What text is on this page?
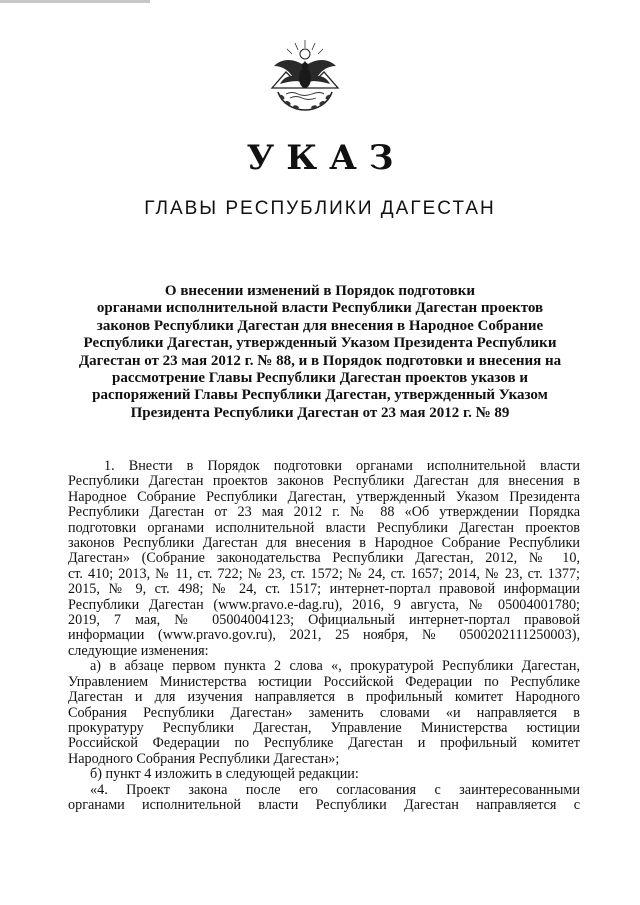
УКАЗ
ГЛАВЫ РЕСПУБЛИКИ ДАГЕСТАН
О внесении изменений в Порядок подготовки
органами исполнительной власти Республики Дагестан проектов
законов Республики Дагестан для внесения в Народное Собрание
Республики Дагестан, утвержденный Указом Президента Республики
Дагестан от 23 мая 2012 г. № 88, и в Порядок подготовки и внесения на
рассмотрение Главы Республики Дагестан проектов указов и
распоряжений Главы Республики Дагестан, утвержденный Указом
Президента Республики Дагестан от 23 мая 2012 г. № 89
1. Внести в Порядок подготовки органами исполнительной власти
Республики Дагестан проектов законов Республики Дагестан для внесения в
Народное Собрание Республики Дагестан, утвержденный Указом Президента
Республики Дагестан от 23 мая 2012 г. № 88 «Об утверждении Порядка
подготовки органами исполнительной власти Республики Дагестан проектов
законов Республики Дагестан для внесения в Народное Собрание Республики
Дагестан» (Собрание законодательства Республики Дагестан, 2012, № 10,
ст. 410; 2013, № 11, ст. 722; № 23, ст. 1572; № 24, ст. 1657; 2014, № 23, ст. 1377;
2015, № 9, ст. 498; № 24, ст. 1517; интернет-портал правовой информации
Республики Дагестан (www.pravo.e-dag.ru), 2016, 9 августа, № 05004001780;
2019, 7 мая, № 05004004123; Официальный интернет-портал правовой
информации (www.pravo.gov.ru), 2021, 25 ноября, № 0500202111250003),
следующие изменения:
а) в абзаце первом пункта 2 слова «, прокуратурой Республики Дагестан,
Управлением Министерства юстиции Российской Федерации по Республике
Дагестан и для изучения направляется в профильный комитет Народного
Собрания Республики Дагестан» заменить словами «и направляется в
прокуратуру Республики Дагестан, Управление Министерства юстиции
Российской Федерации по Республике Дагестан и профильный комитет
Народного Собрания Республики Дагестан»;
б) пункт 4 изложить в следующей редакции:
«4. Проект закона после его согласования с заинтересованными
органами исполнительной власти Республики Дагестан направляется с
